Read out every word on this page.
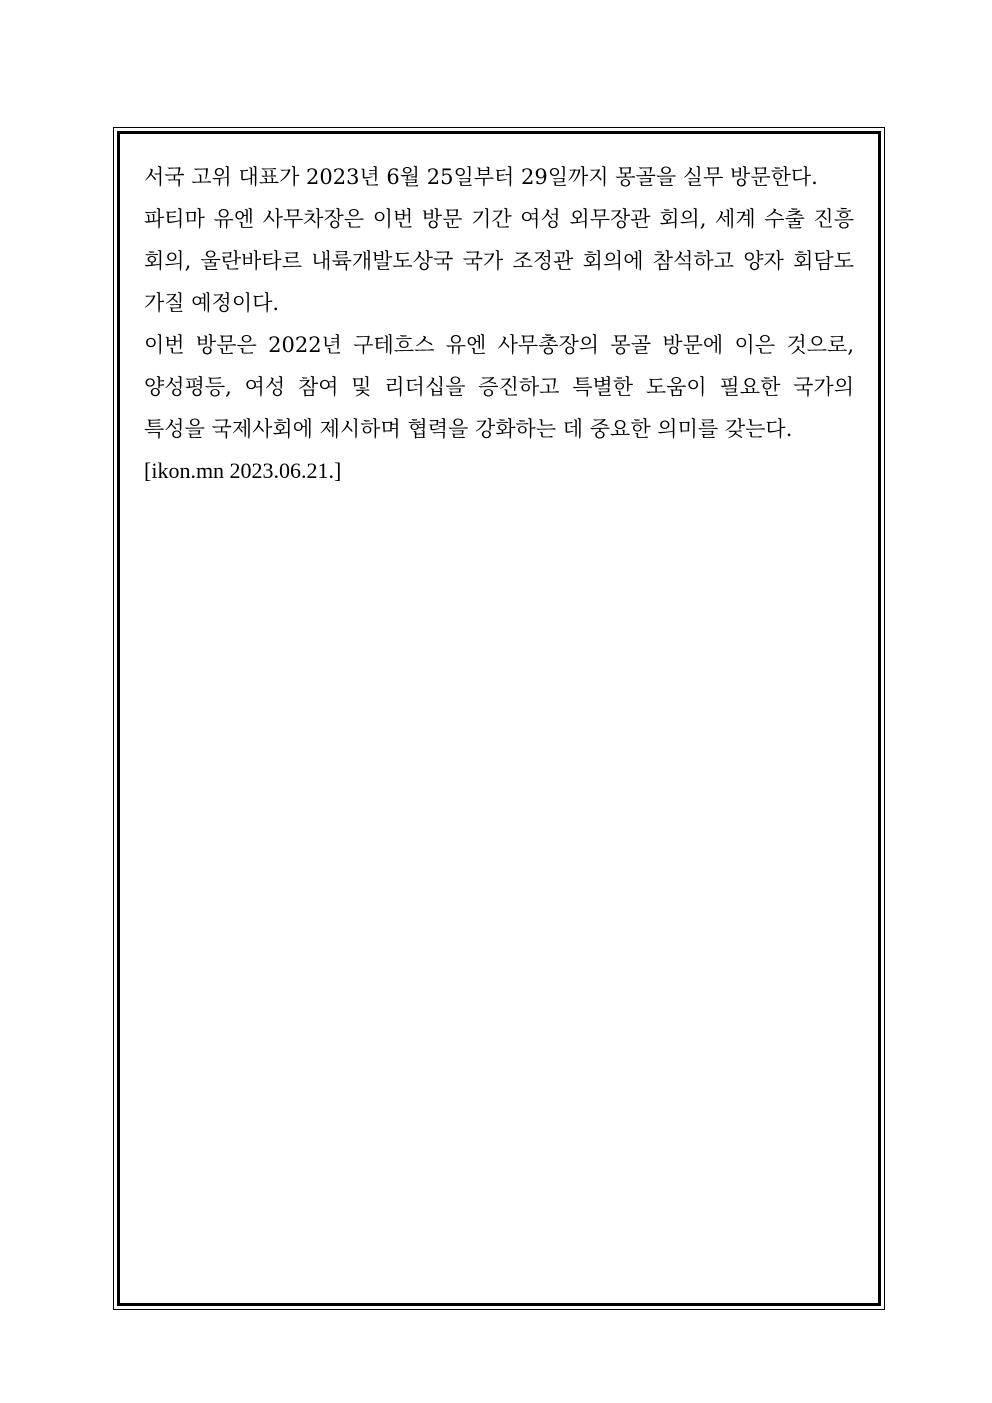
서국 고위 대표가 2023년 6월 25일부터 29일까지 몽골을 실무 방문한다.

파티마 유엔 사무차장은 이번 방문 기간 여성 외무장관 회의, 세계 수출 진흥 회의, 울란바타르 내륙개발도상국 국가 조정관 회의에 참석하고 양자 회담도 가질 예정이다.

이번 방문은 2022년 구테흐스 유엔 사무총장의 몽골 방문에 이은 것으로, 양성평등, 여성 참여 및 리더십을 증진하고 특별한 도움이 필요한 국가의 특성을 국제사회에 제시하며 협력을 강화하는 데 중요한 의미를 갖는다.

[ikon.mn 2023.06.21.]
